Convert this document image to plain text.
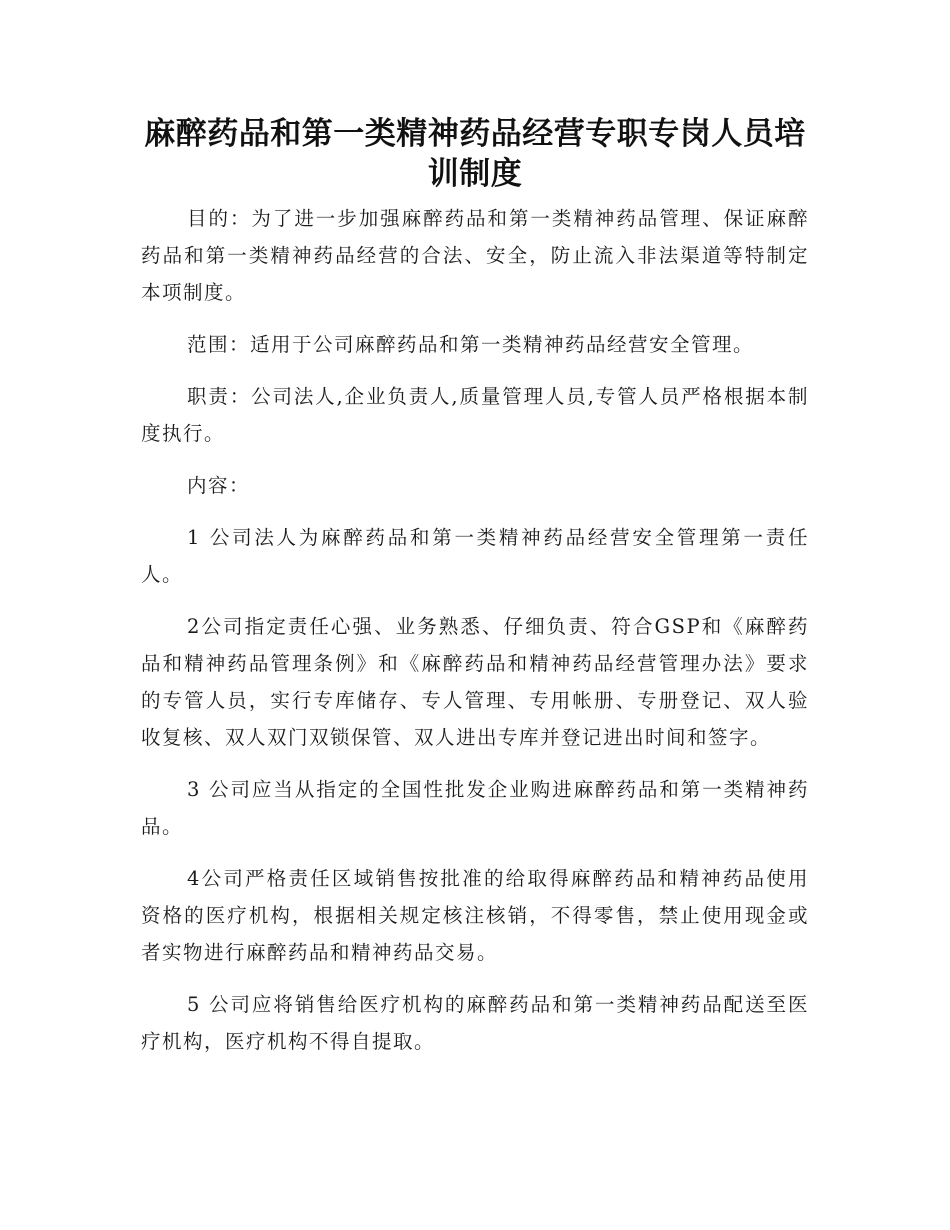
麻醉药品和第一类精神药品经营专职专岗人员培训制度

目的：为了进一步加强麻醉药品和第一类精神药品管理、保证麻醉药品和第一类精神药品经营的合法、安全，防止流入非法渠道等特制定本项制度。

范围：适用于公司麻醉药品和第一类精神药品经营安全管理。

职责：公司法人,企业负责人,质量管理人员,专管人员严格根据本制度执行。

内容：

1 公司法人为麻醉药品和第一类精神药品经营安全管理第一责任人。

2公司指定责任心强、业务熟悉、仔细负责、符合GSP和《麻醉药品和精神药品管理条例》和《麻醉药品和精神药品经营管理办法》要求的专管人员，实行专库储存、专人管理、专用帐册、专册登记、双人验收复核、双人双门双锁保管、双人进出专库并登记进出时间和签字。

3 公司应当从指定的全国性批发企业购进麻醉药品和第一类精神药品。

4公司严格责任区域销售按批准的给取得麻醉药品和精神药品使用资格的医疗机构，根据相关规定核注核销，不得零售，禁止使用现金或者实物进行麻醉药品和精神药品交易。

5 公司应将销售给医疗机构的麻醉药品和第一类精神药品配送至医疗机构，医疗机构不得自提取。
